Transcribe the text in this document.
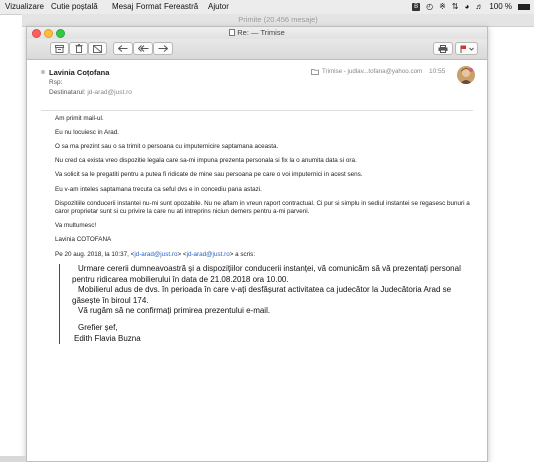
Vizualizare Cutie poștală Mesaj Format Fereastră Ajutor	B ◴ ※ ⇅ ◕ ♬ 100 %
Primite (20.456 mesaje)
Re: — Trimise
Lavinia Coțofana
Rsp:
Destinatarul: jd-arad@just.ro
Trimise - judlav...tofana@yahoo.com 10:55

Am primit mail-ul.

Eu nu locuiesc in Arad.

O sa ma prezint sau o sa trimit o persoana cu imputernicire saptamana aceasta.

Nu cred ca exista vreo dispozitie legala care sa-mi impuna prezenta personala si fix la o anumita data si ora.

Va solicit sa le pregatiti pentru a putea fi ridicate de mine sau persoana pe care o voi imputernici in acest sens.

Eu v-am inteles saptamana trecuta ca seful dvs e in concediu pana astazi.

Dispozitiile conducerii instantei nu-mi sunt opozabile. Nu ne aflam in vreun raport contractual. Ci pur si simplu in sediul instantei se regasesc bunuri a

caror proprietar sunt si cu privire la care nu ati intreprins niciun demers pentru a-mi parveni.

Va multumesc!

Lavinia COTOFANA

Pe 20 aug. 2018, la 10:37, <jd-arad@just.ro> <jd-arad@just.ro> a scris:

Urmare cererii dumneavoastră și a dispozițiilor conducerii instanței, vă comunicăm să vă prezentați personal pentru ridicarea mobilierului în data de 21.08.2018 ora 10.00.
Mobilierul adus de dvs. în perioada în care v-ați desfășurat activitatea ca judecător la Judecătoria Arad se găsește în biroul 174.
Vă rugăm să ne confirmați primirea prezentului e-mail.
Grefier șef,
Edith Flavia Buzna
